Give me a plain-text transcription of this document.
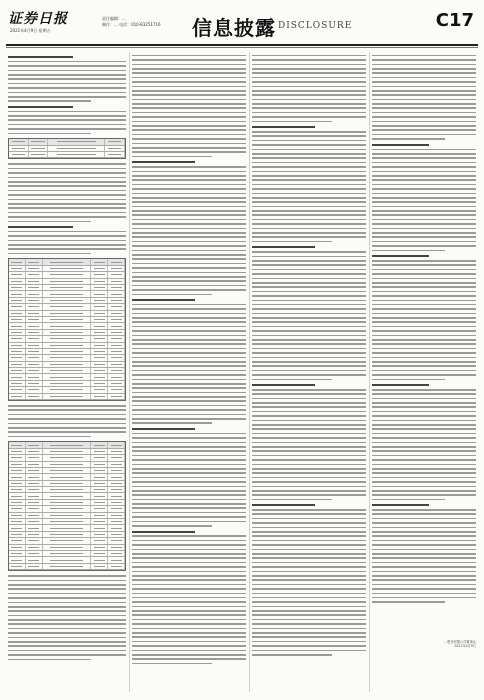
证券日报
2021年4月9日 星期五
责任编辑：...
制作：... 电话：010-83251716 信息披露 DISCLOSURE	C17
...股份有限公司董事会
2021年4月9日
